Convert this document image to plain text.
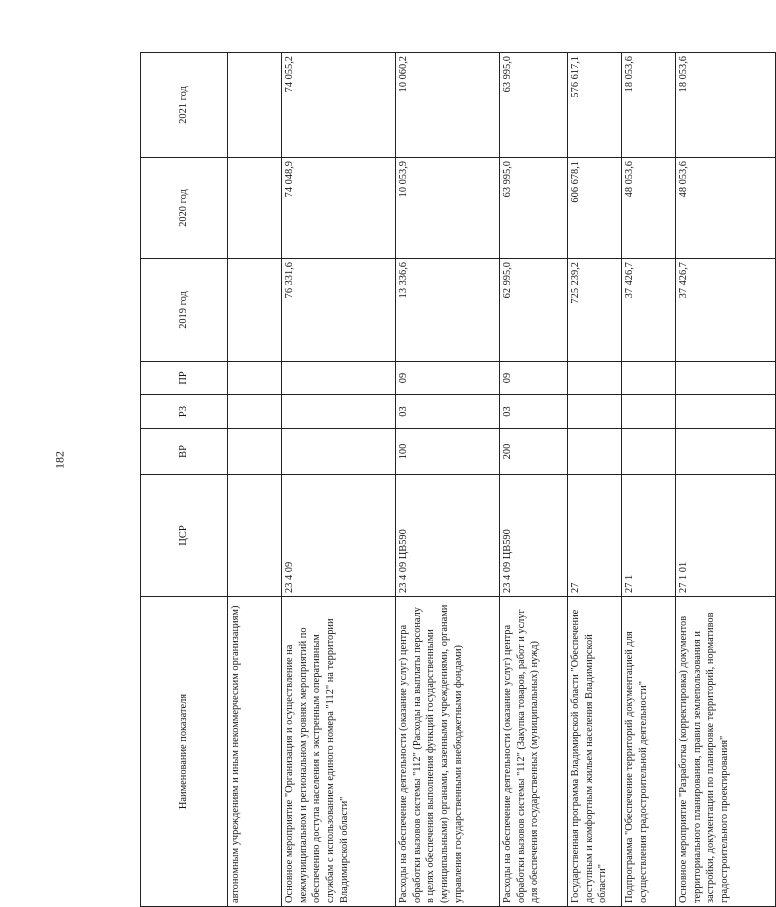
182
Наименование показателя	ЦСР	ВР	РЗ	ПР	2019 год	2020 год	2021 год
автономным учреждениям и иным некоммерческим организациям)							
Основное мероприятие "Организация и осуществление на межмуниципальном и региональном уровнях мероприятий по обеспечению доступа населения к экстренным оперативным службам с использованием единого номера "112" на территории Владимирской области"	23 4 09				76 331,6	74 048,9	74 055,2
Расходы на обеспечение деятельности (оказание услуг) центра обработки вызовов системы "112" (Расходы на выплаты персоналу в целях обеспечения выполнения функций государственными (муниципальными) органами, казенными учреждениями, органами управления государственными внебюджетными фондами)	23 4 09 ЦВ590	100	03	09	13 336,6	10 053,9	10 060,2
Расходы на обеспечение деятельности (оказание услуг) центра обработки вызовов системы "112" (Закупка товаров, работ и услуг для обеспечения государственных (муниципальных) нужд)	23 4 09 ЦВ590	200	03	09	62 995,0	63 995,0	63 995,0
Государственная программа Владимирской области "Обеспечение доступным и комфортным жильем населения Владимирской области"	27				725 239,2	606 678,1	576 617,1
Подпрограмма "Обеспечение территорий документацией для осуществления градостроительной деятельности"	27 1				37 426,7	48 053,6	18 053,6
Основное мероприятие "Разработка (корректировка) документов территориального планирования, правил землепользования и застройки, документации по планировке территорий, нормативов градостроительного проектирования"	27 1 01				37 426,7	48 053,6	18 053,6
